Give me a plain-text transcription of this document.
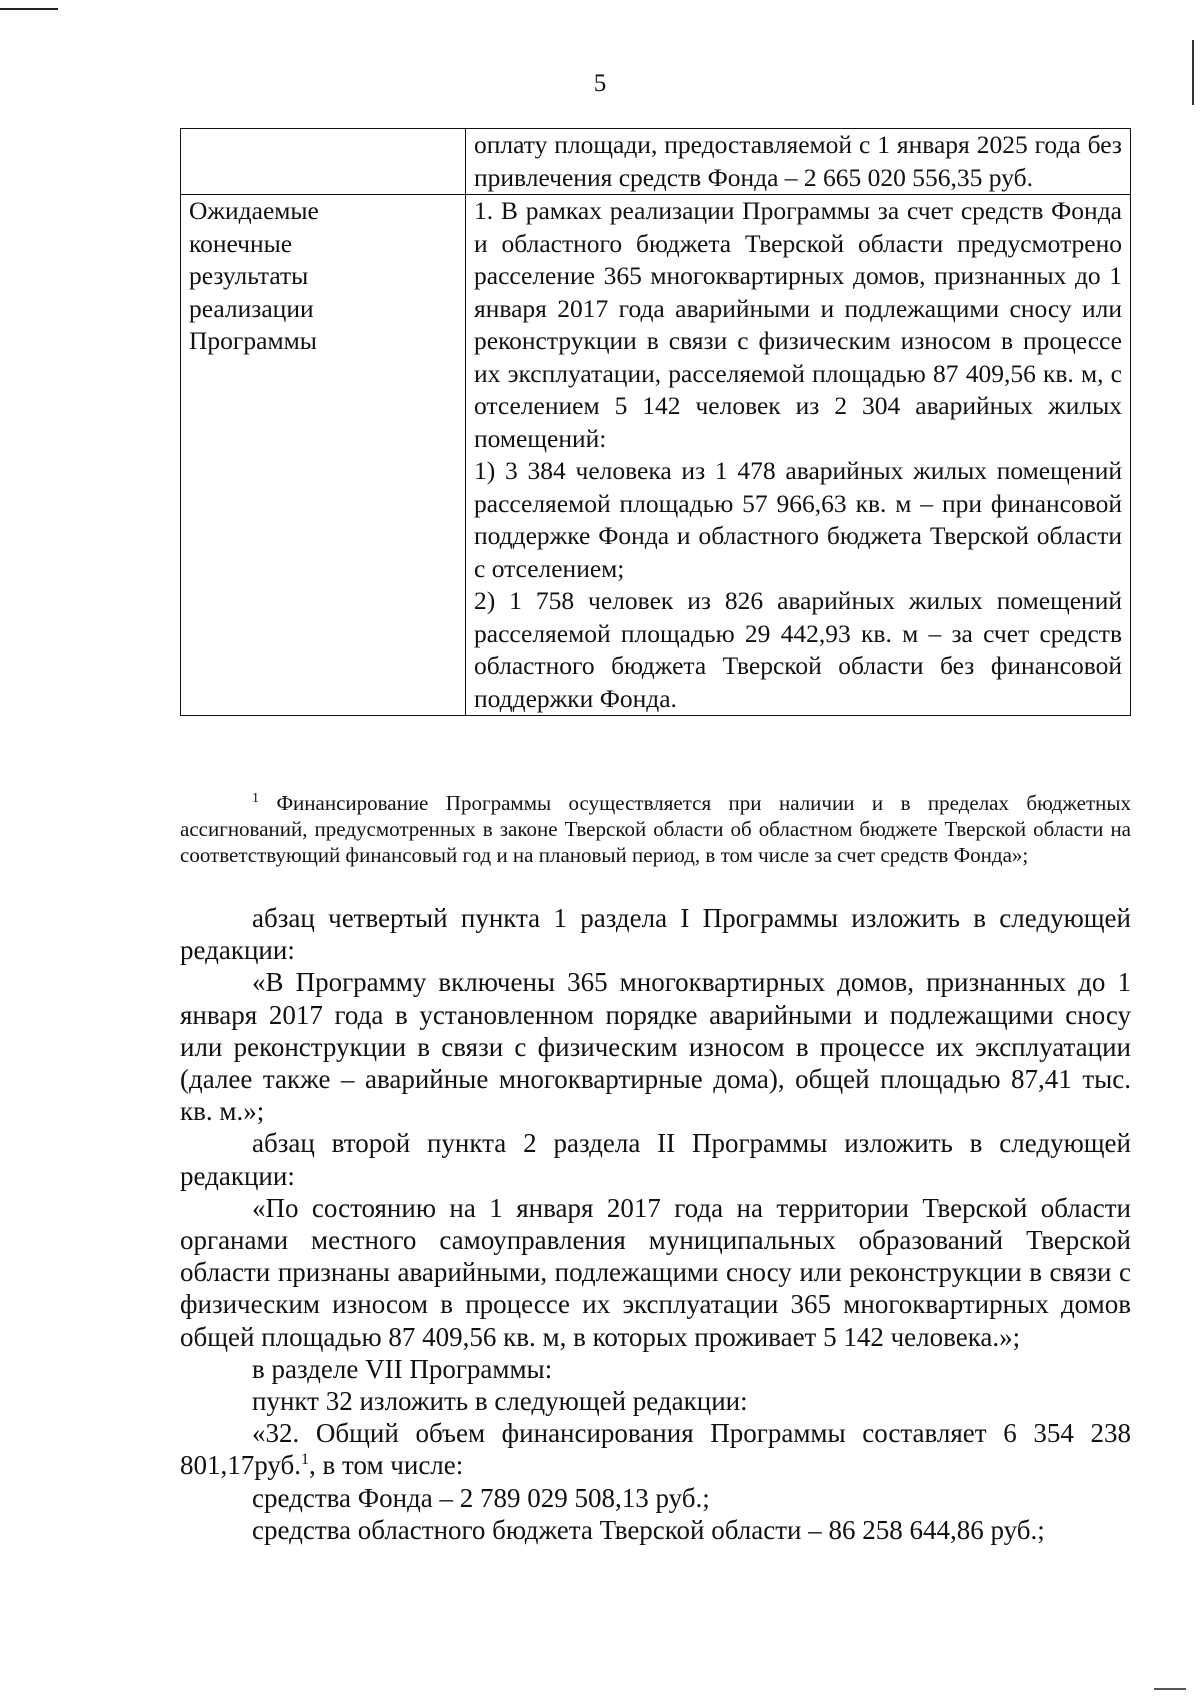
5
	оплату площади, предоставляемой с 1 января 2025 года без привлечения средств Фонда – 2 665 020 556,35 руб.
Ожидаемые конечные результаты реализации Программы	1. В рамках реализации Программы за счет средств Фонда и областного бюджета Тверской области предусмотрено расселение 365 многоквартирных домов, признанных до 1 января 2017 года аварийными и подлежащими сносу или реконструкции в связи с физическим износом в процессе их эксплуатации, расселяемой площадью 87 409,56 кв. м, с отселением 5 142 человек из 2 304 аварийных жилых помещений:
1) 3 384 человека из 1 478 аварийных жилых помещений расселяемой площадью 57 966,63 кв. м – при финансовой поддержке Фонда и областного бюджета Тверской области с отселением;
2) 1 758 человек из 826 аварийных жилых помещений расселяемой площадью 29 442,93 кв. м – за счет средств областного бюджета Тверской области без финансовой поддержки Фонда.
$^1$ Финансирование Программы осуществляется при наличии и в пределах бюджетных ассигнований, предусмотренных в законе Тверской области об областном бюджете Тверской области на соответствующий финансовый год и на плановый период, в том числе за счет средств Фонда»;

абзац четвертый пункта 1 раздела I Программы изложить в следующей редакции:

«В Программу включены 365 многоквартирных домов, признанных до 1 января 2017 года в установленном порядке аварийными и подлежащими сносу или реконструкции в связи с физическим износом в процессе их эксплуатации (далее также – аварийные многоквартирные дома), общей площадью 87,41 тыс. кв. м.»;

абзац второй пункта 2 раздела II Программы изложить в следующей редакции:

«По состоянию на 1 января 2017 года на территории Тверской области органами местного самоуправления муниципальных образований Тверской области признаны аварийными, подлежащими сносу или реконструкции в связи с физическим износом в процессе их эксплуатации 365 многоквартирных домов общей площадью 87 409,56 кв. м, в которых проживает 5 142 человека.»;

в разделе VII Программы:

пункт 32 изложить в следующей редакции:

«32. Общий объем финансирования Программы составляет 6 354 238 801,17руб.$^1$, в том числе:

средства Фонда – 2 789 029 508,13 руб.;

средства областного бюджета Тверской области – 86 258 644,86 руб.;
